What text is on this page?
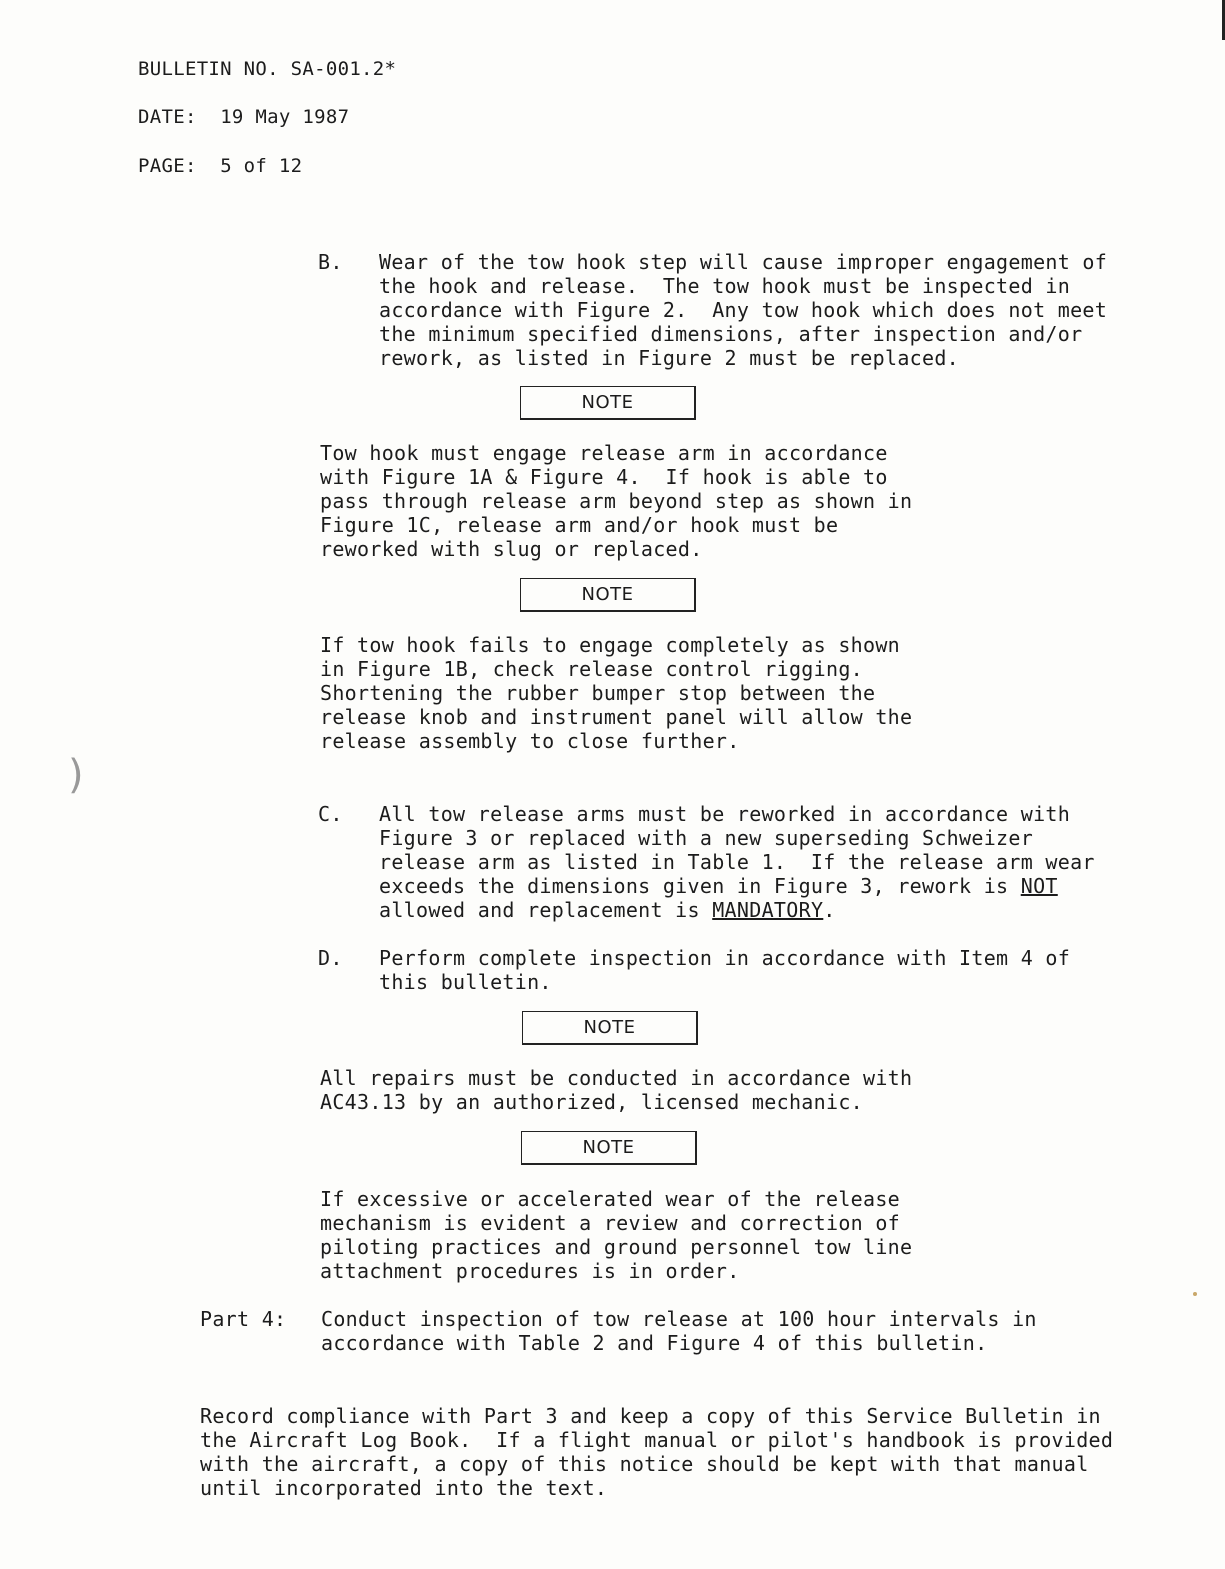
BULLETIN NO. SA-001.2*
DATE: 19 May 1987
PAGE: 5 of 12
B. Wear of the tow hook step will cause improper engagement of
the hook and release.  The tow hook must be inspected in
accordance with Figure 2.  Any tow hook which does not meet
the minimum specified dimensions, after inspection and/or
rework, as listed in Figure 2 must be replaced.
NOTE
Tow hook must engage release arm in accordance
with Figure 1A & Figure 4.  If hook is able to
pass through release arm beyond step as shown in
Figure 1C, release arm and/or hook must be
reworked with slug or replaced.
NOTE
If tow hook fails to engage completely as shown
in Figure 1B, check release control rigging.
Shortening the rubber bumper stop between the
release knob and instrument panel will allow the
release assembly to close further.
C. All tow release arms must be reworked in accordance with
Figure 3 or replaced with a new superseding Schweizer
release arm as listed in Table 1.  If the release arm wear
exceeds the dimensions given in Figure 3, rework is NOT
allowed and replacement is MANDATORY.
D. Perform complete inspection in accordance with Item 4 of
this bulletin.
NOTE
All repairs must be conducted in accordance with
AC43.13 by an authorized, licensed mechanic.
NOTE
If excessive or accelerated wear of the release
mechanism is evident a review and correction of
piloting practices and ground personnel tow line
attachment procedures is in order.
Part 4: Conduct inspection of tow release at 100 hour intervals in
accordance with Table 2 and Figure 4 of this bulletin.
Record compliance with Part 3 and keep a copy of this Service Bulletin in
the Aircraft Log Book.  If a flight manual or pilot's handbook is provided
with the aircraft, a copy of this notice should be kept with that manual
until incorporated into the text.
)
